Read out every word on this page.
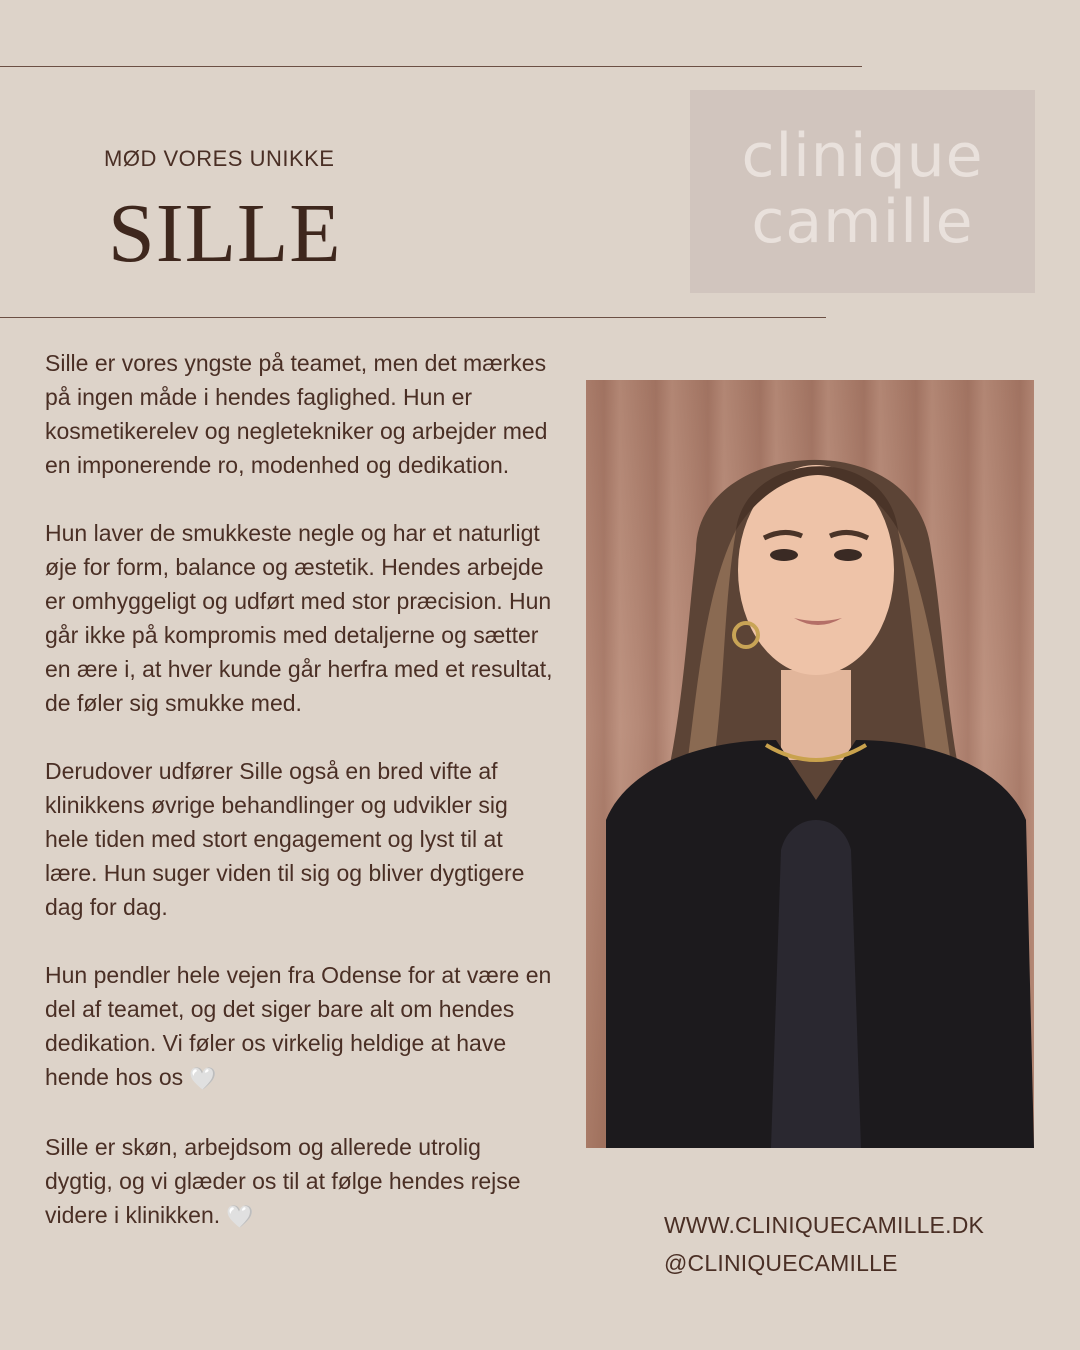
MØD VORES UNIKKE
SILLE
clinique
camille

Sille er vores yngste på teamet, men det mærkes på ingen måde i hendes faglighed. Hun er kosmetikerelev og negletekniker og arbejder med en imponerende ro, modenhed og dedikation.

Hun laver de smukkeste negle og har et naturligt øje for form, balance og æstetik. Hendes arbejde er omhyggeligt og udført med stor præcision. Hun går ikke på kompromis med detaljerne og sætter en ære i, at hver kunde går herfra med et resultat, de føler sig smukke med.

Derudover udfører Sille også en bred vifte af klinikkens øvrige behandlinger og udvikler sig hele tiden med stort engagement og lyst til at lære. Hun suger viden til sig og bliver dygtigere dag for dag.

Hun pendler hele vejen fra Odense for at være en del af teamet, og det siger bare alt om hendes dedikation. Vi føler os virkelig heldige at have hende hos os 🤍

Sille er skøn, arbejdsom og allerede utrolig dygtig, og vi glæder os til at følge hendes rejse videre i klinikken. 🤍	WWW.CLINIQUECAMILLE.DK
@CLINIQUECAMILLE
